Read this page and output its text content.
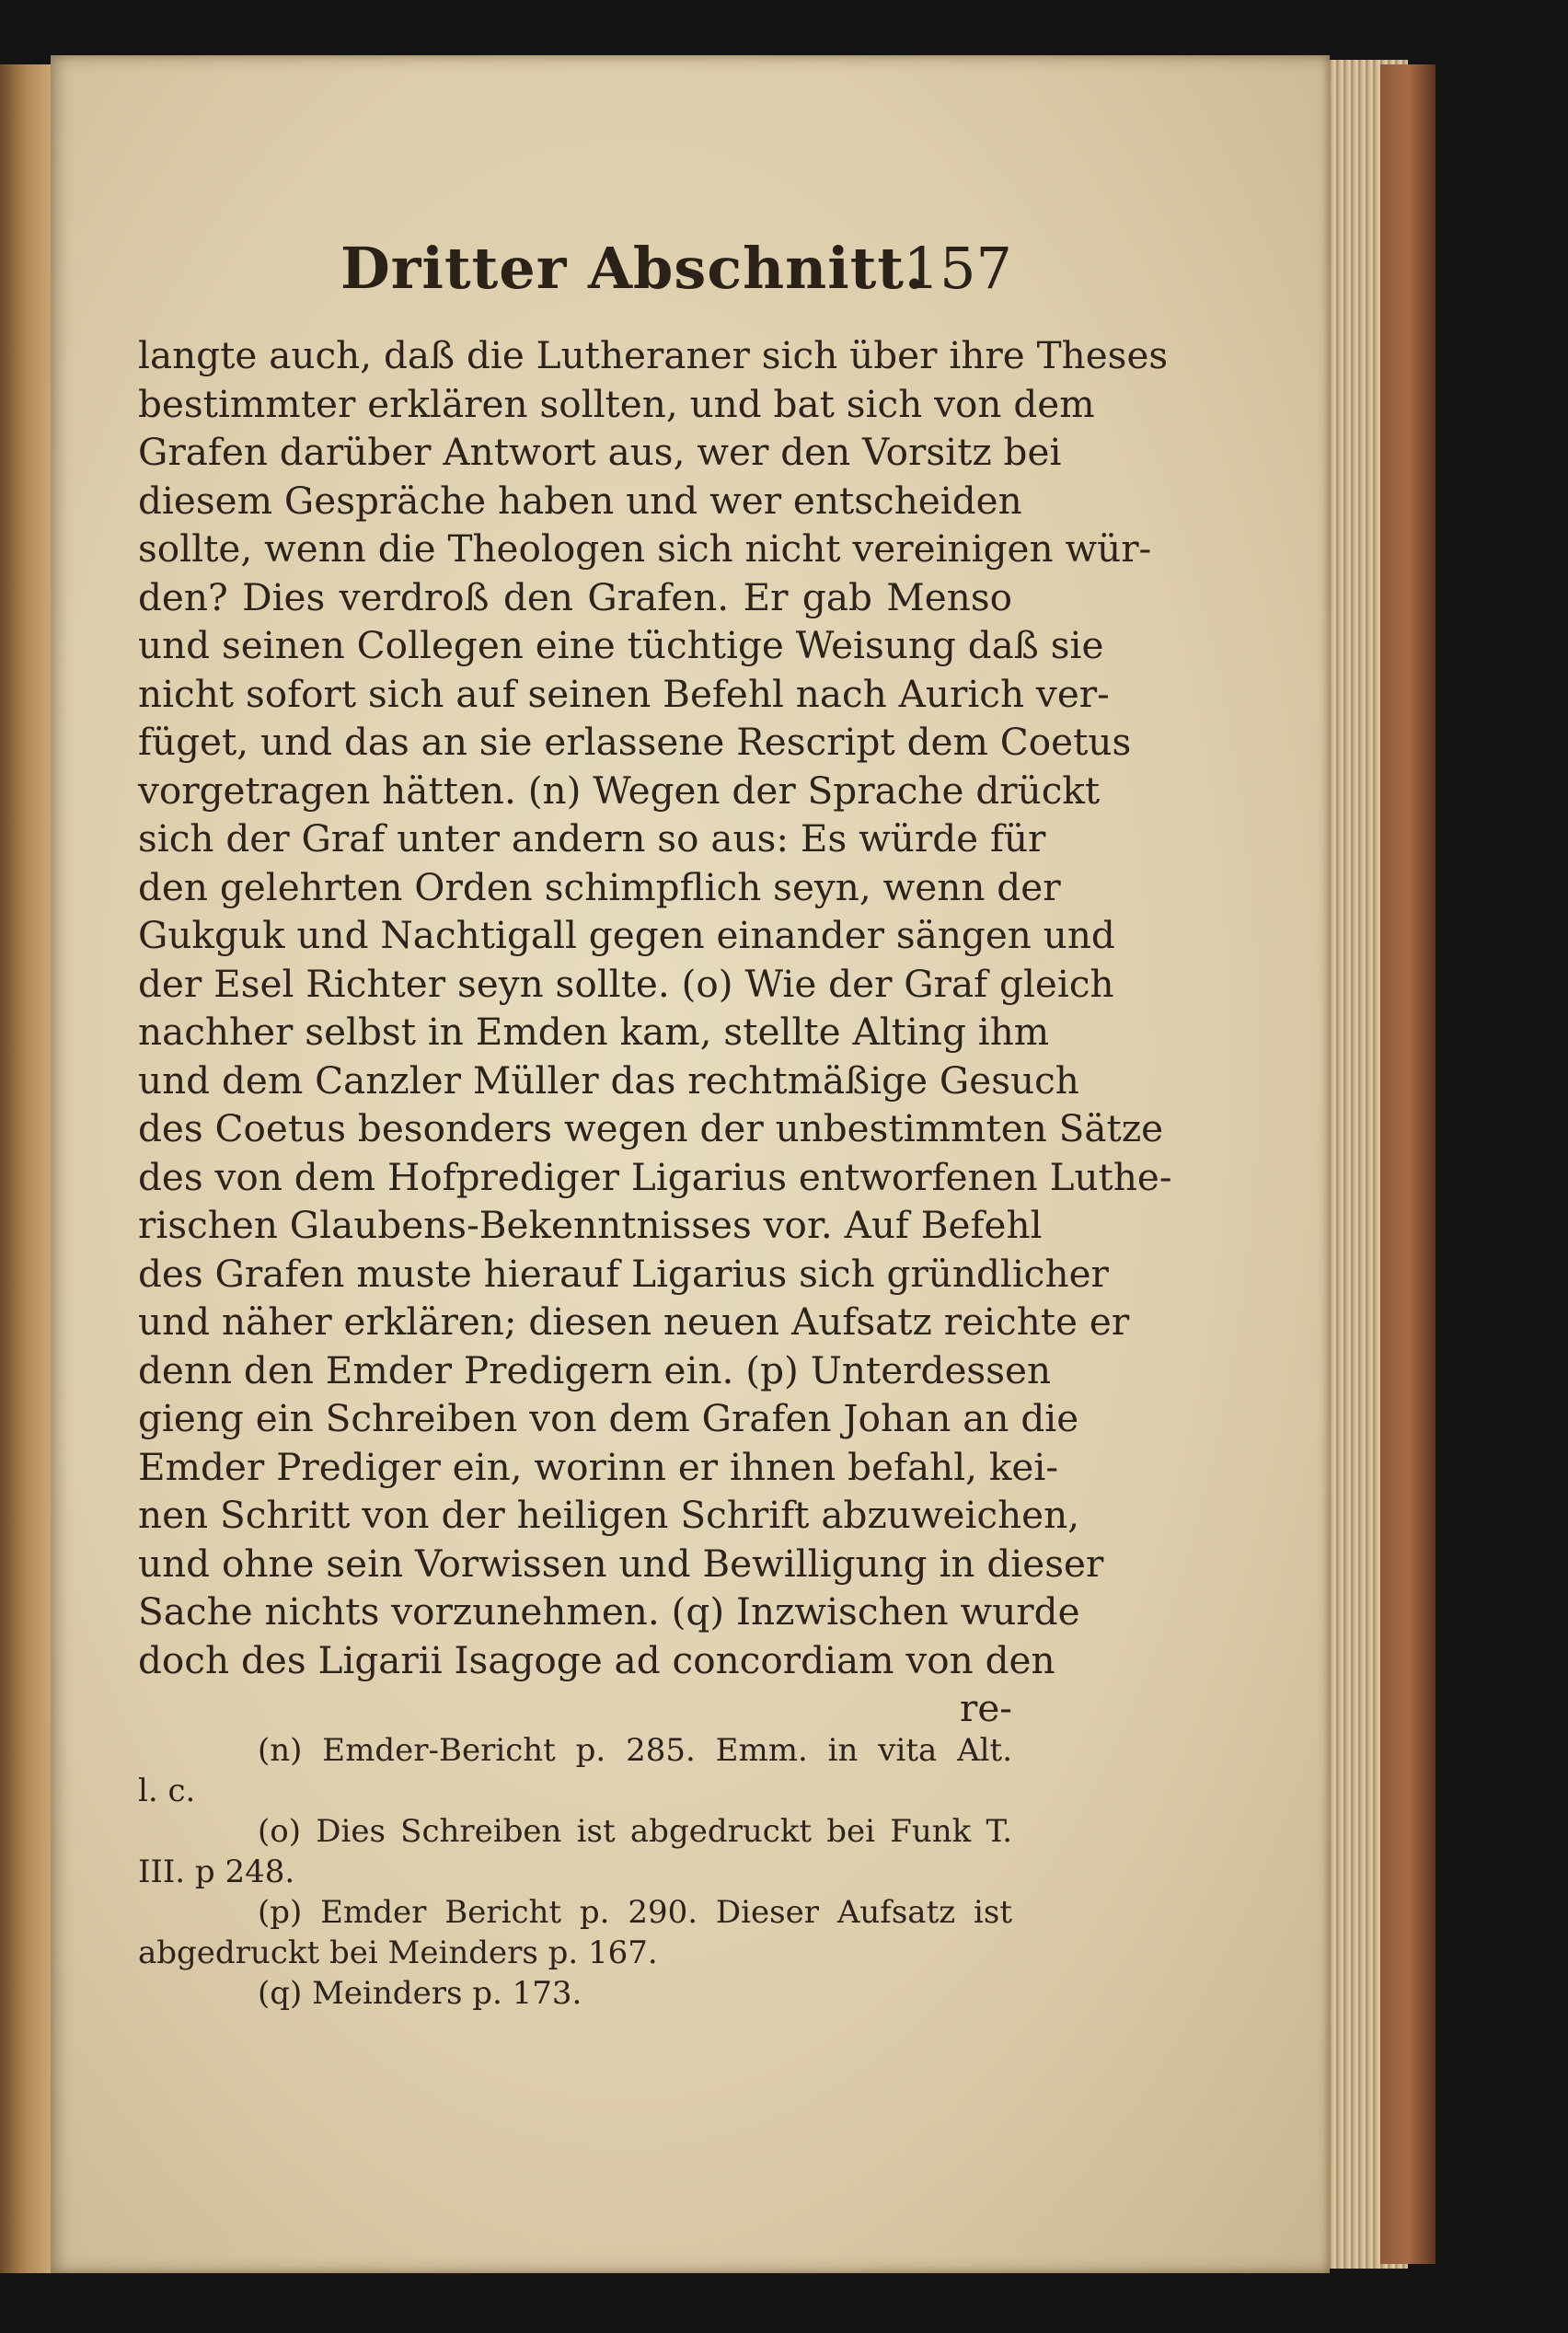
Dritter Abschnitt.
157
langte auch, daß die Lutheraner sich über ihre Theses
bestimmter erklären sollten, und bat sich von dem
Grafen darüber Antwort aus, wer den Vorsitz bei
diesem Gespräche haben und wer entscheiden
sollte, wenn die Theologen sich nicht vereinigen wür-
den? Dies verdroß den Grafen. Er gab Menso
und seinen Collegen eine tüchtige Weisung daß sie
nicht sofort sich auf seinen Befehl nach Aurich ver-
füget, und das an sie erlassene Rescript dem Coetus
vorgetragen hätten. (n) Wegen der Sprache drückt
sich der Graf unter andern so aus: Es würde für
den gelehrten Orden schimpflich seyn, wenn der
Gukguk und Nachtigall gegen einander sängen und
der Esel Richter seyn sollte. (o) Wie der Graf gleich
nachher selbst in Emden kam, stellte Alting ihm
und dem Canzler Müller das rechtmäßige Gesuch
des Coetus besonders wegen der unbestimmten Sätze
des von dem Hofprediger Ligarius entworfenen Luthe-
rischen Glaubens-Bekenntnisses vor. Auf Befehl
des Grafen muste hierauf Ligarius sich gründlicher
und näher erklären; diesen neuen Aufsatz reichte er
denn den Emder Predigern ein. (p) Unterdessen
gieng ein Schreiben von dem Grafen Johan an die
Emder Prediger ein, worinn er ihnen befahl, kei-
nen Schritt von der heiligen Schrift abzuweichen,
und ohne sein Vorwissen und Bewilligung in dieser
Sache nichts vorzunehmen. (q) Inzwischen wurde
doch des Ligarii Isagoge ad concordiam von den
re-
(n) Emder-Bericht p. 285. Emm. in vita Alt.
l. c.
(o) Dies Schreiben ist abgedruckt bei Funk T.
III. p 248.
(p) Emder Bericht p. 290. Dieser Aufsatz ist
abgedruckt bei Meinders p. 167.
(q) Meinders p. 173.
